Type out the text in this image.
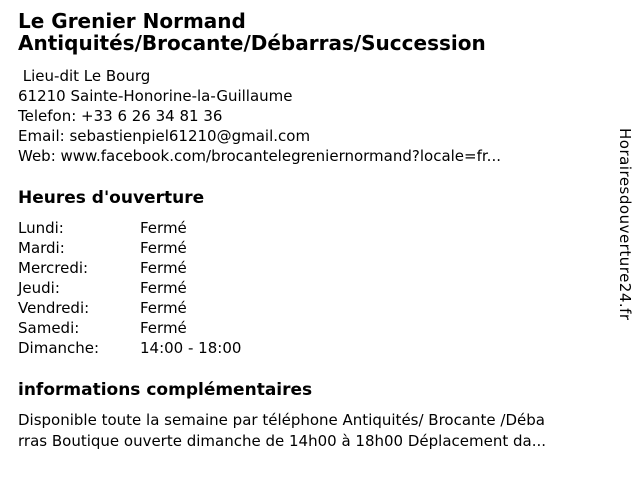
Le Grenier Normand Antiquités/Brocante/Débarras/Succession
Lieu-dit Le Bourg
61210 Sainte-Honorine-la-Guillaume
Telefon: +33 6 26 34 81 36
Email: sebastienpiel61210@gmail.com
Web: www.facebook.com/brocantelegreniernormand?locale=fr...
Heures d'ouverture
Lundi:	Fermé
Mardi:	Fermé
Mercredi:	Fermé
Jeudi:	Fermé
Vendredi:	Fermé
Samedi:	Fermé
Dimanche:	14:00 - 18:00
informations complémentaires
Disponible toute la semaine par téléphone Antiquités/ Brocante /Déba
rras Boutique ouverte dimanche de 14h00 à 18h00 Déplacement da...
Horairesdouverture24.fr
